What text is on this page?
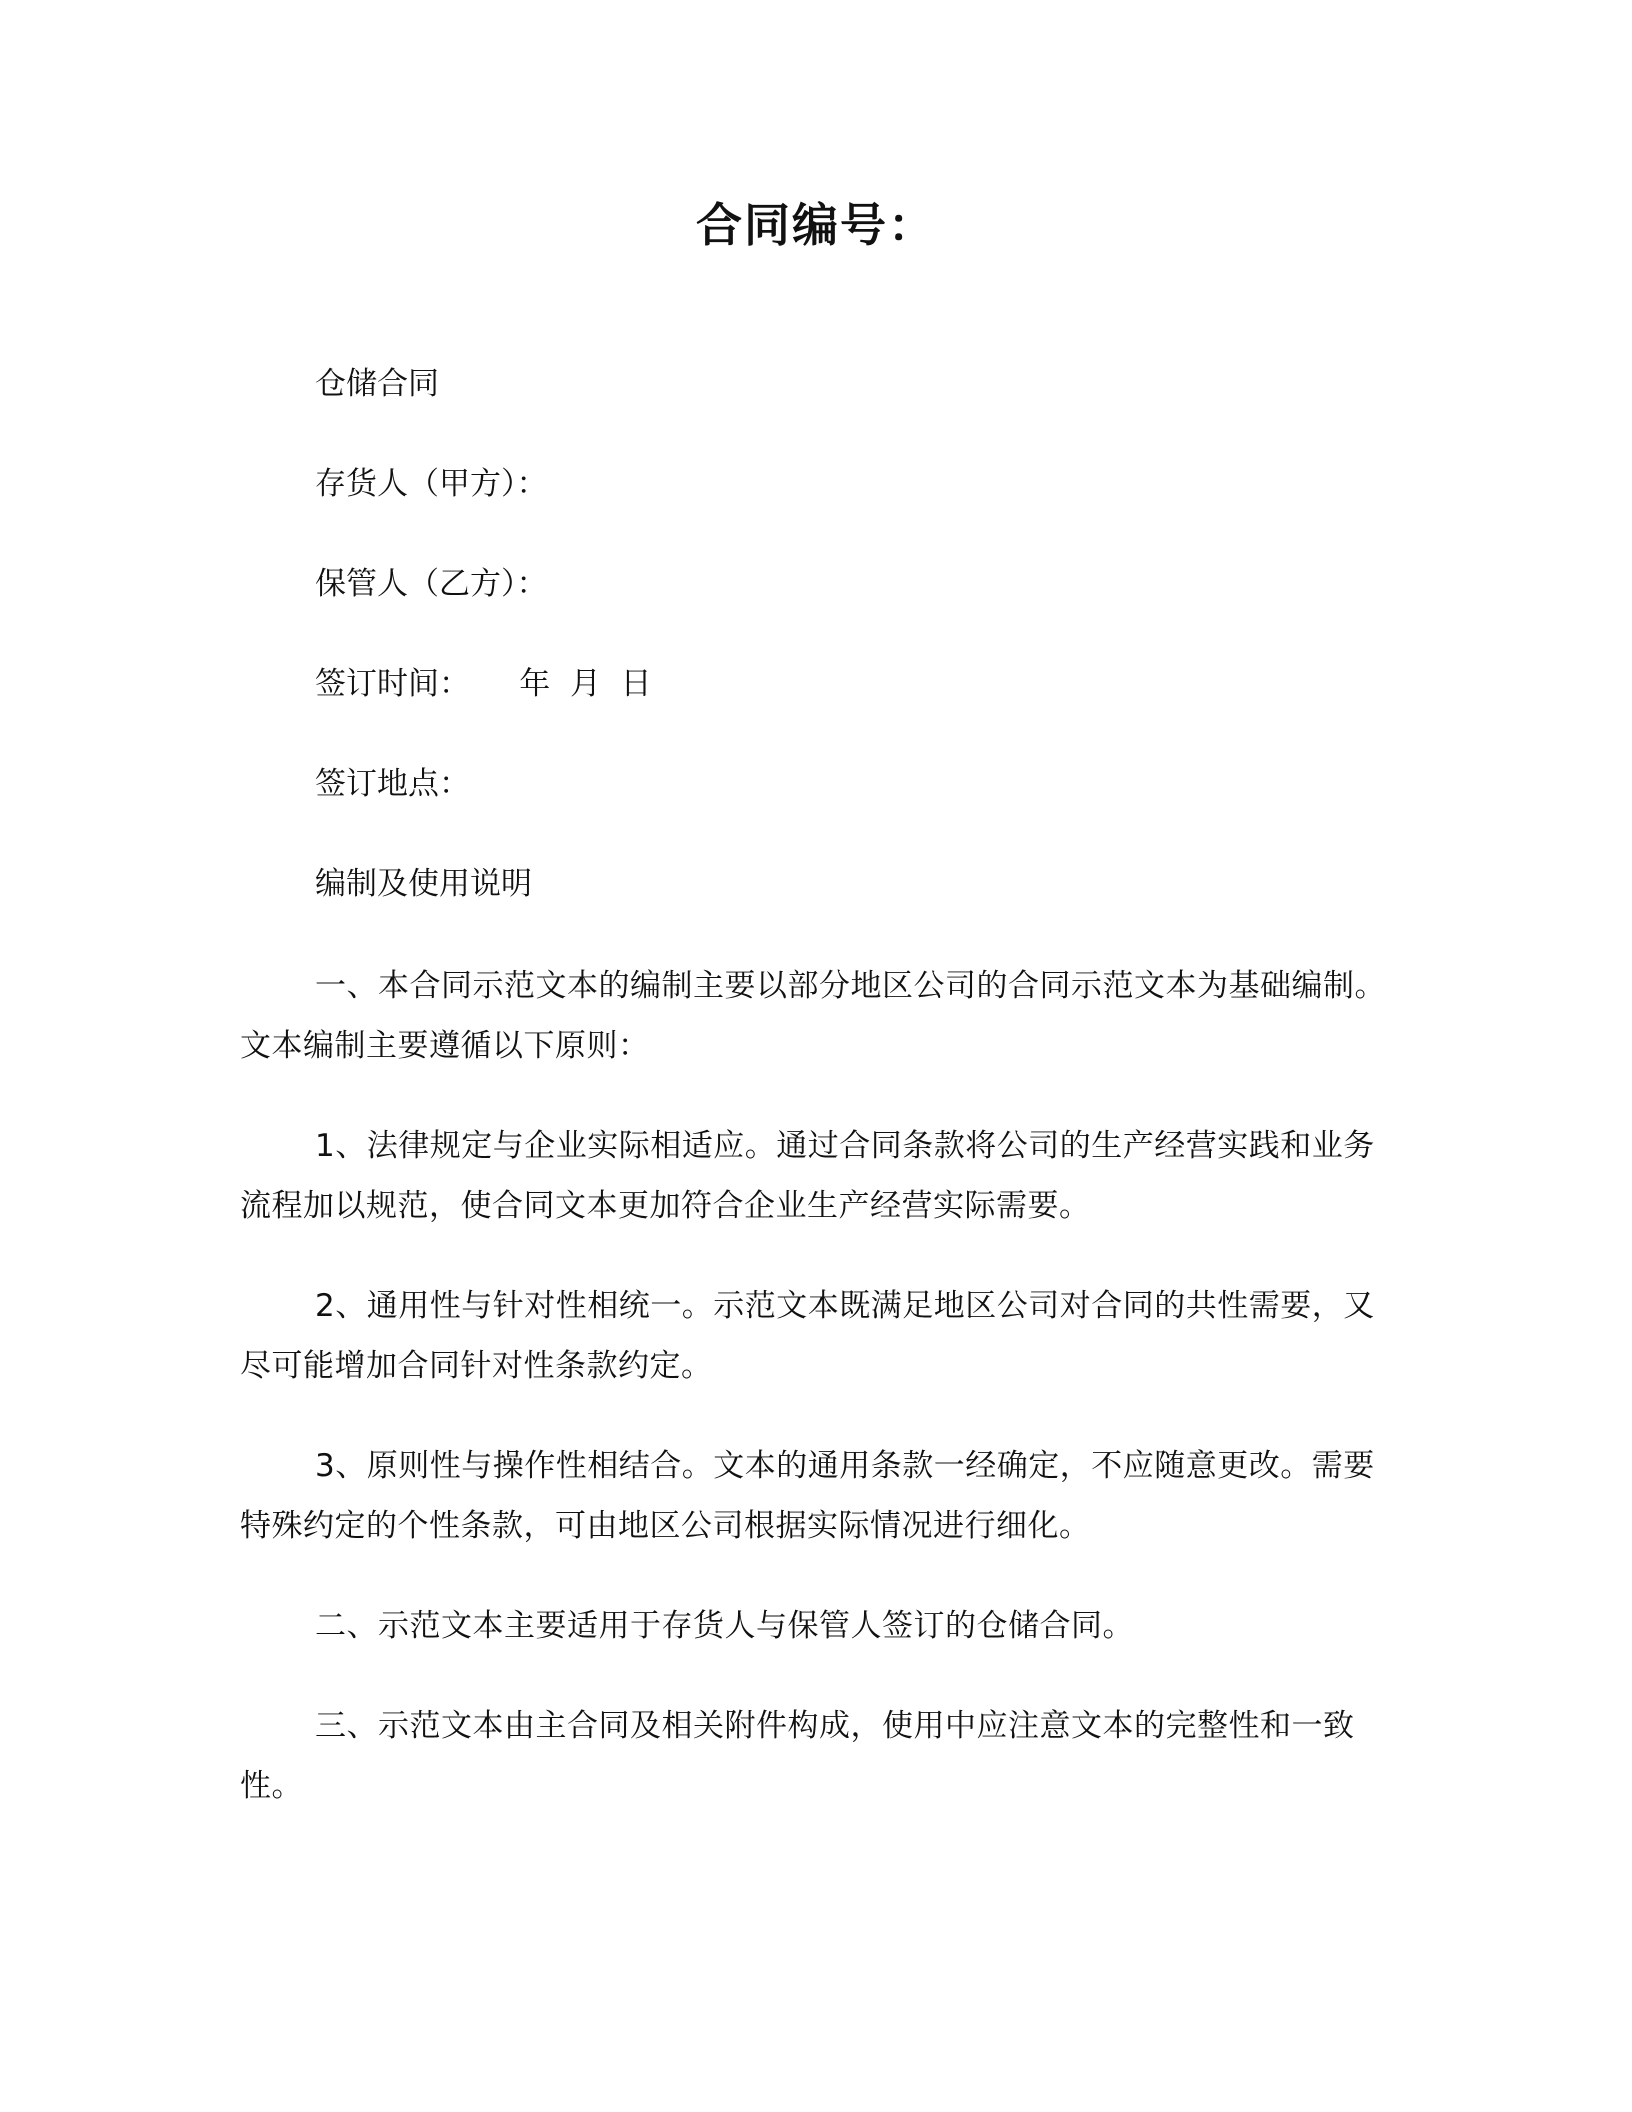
合同编号：
仓储合同
存货人（甲方）：
保管人（乙方）：
签订时间：     年  月  日
签订地点：
编制及使用说明
一、本合同示范文本的编制主要以部分地区公司的合同示范文本为基础编制。文本编制主要遵循以下原则：
1、法律规定与企业实际相适应。通过合同条款将公司的生产经营实践和业务流程加以规范，使合同文本更加符合企业生产经营实际需要。
2、通用性与针对性相统一。示范文本既满足地区公司对合同的共性需要，又尽可能增加合同针对性条款约定。
3、原则性与操作性相结合。文本的通用条款一经确定，不应随意更改。需要特殊约定的个性条款，可由地区公司根据实际情况进行细化。
二、示范文本主要适用于存货人与保管人签订的仓储合同。
三、示范文本由主合同及相关附件构成，使用中应注意文本的完整性和一致性。
